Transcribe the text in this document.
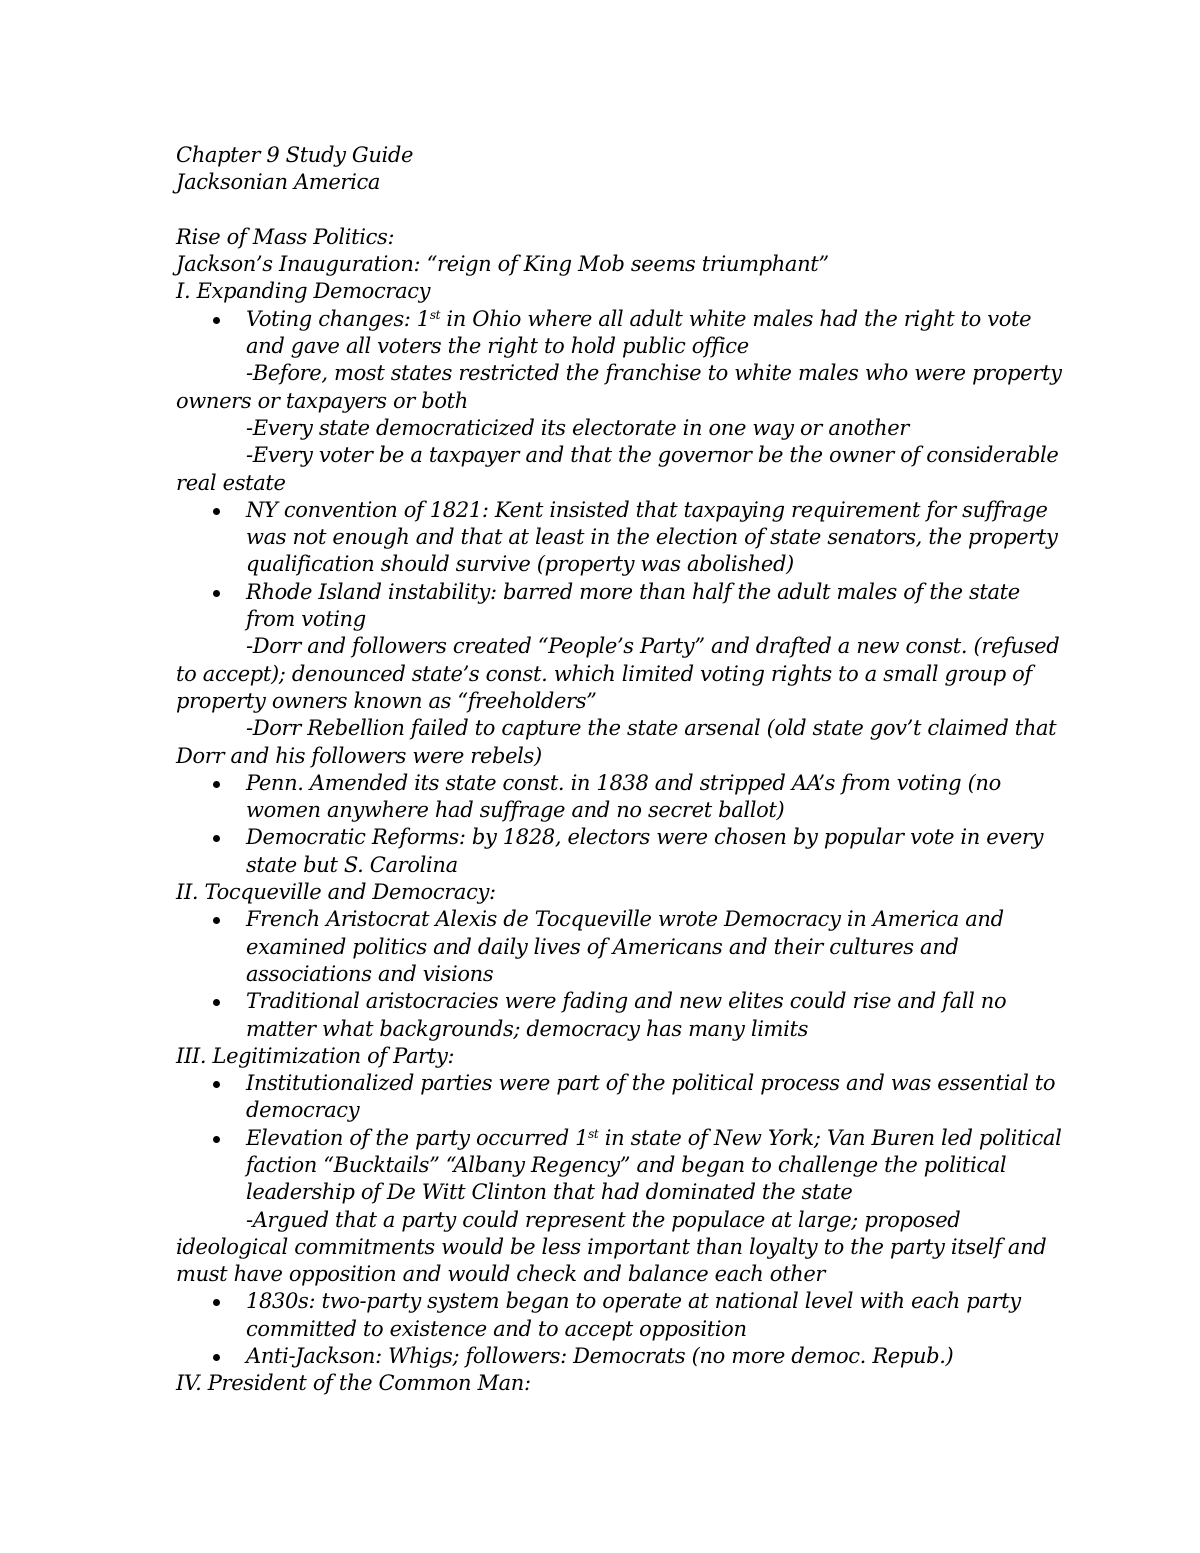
Chapter 9 Study Guide
Jacksonian America
Rise of Mass Politics:
Jackson’s Inauguration: “reign of King Mob seems triumphant”
I. Expanding Democracy
Voting changes: 1st in Ohio where all adult white males had the right to vote
and gave all voters the right to hold public office
-Before, most states restricted the franchise to white males who were property
owners or taxpayers or both
-Every state democraticized its electorate in one way or another
-Every voter be a taxpayer and that the governor be the owner of considerable
real estate
NY convention of 1821: Kent insisted that taxpaying requirement for suffrage
was not enough and that at least in the election of state senators, the property
qualification should survive (property was abolished)
Rhode Island instability: barred more than half the adult males of the state
from voting
-Dorr and followers created “People’s Party” and drafted a new const. (refused
to accept); denounced state’s const. which limited voting rights to a small group of
property owners known as “freeholders”
-Dorr Rebellion failed to capture the state arsenal (old state gov’t claimed that
Dorr and his followers were rebels)
Penn. Amended its state const. in 1838 and stripped AA’s from voting (no
women anywhere had suffrage and no secret ballot)
Democratic Reforms: by 1828, electors were chosen by popular vote in every
state but S. Carolina
II. Tocqueville and Democracy:
French Aristocrat Alexis de Tocqueville wrote Democracy in America and
examined politics and daily lives of Americans and their cultures and
associations and visions
Traditional aristocracies were fading and new elites could rise and fall no
matter what backgrounds; democracy has many limits
III. Legitimization of Party:
Institutionalized parties were part of the political process and was essential to
democracy
Elevation of the party occurred 1st in state of New York; Van Buren led political
faction “Bucktails” “Albany Regency” and began to challenge the political
leadership of De Witt Clinton that had dominated the state
-Argued that a party could represent the populace at large; proposed
ideological commitments would be less important than loyalty to the party itself and
must have opposition and would check and balance each other
1830s: two-party system began to operate at national level with each party
committed to existence and to accept opposition
Anti-Jackson: Whigs; followers: Democrats (no more democ. Repub.)
IV. President of the Common Man:
